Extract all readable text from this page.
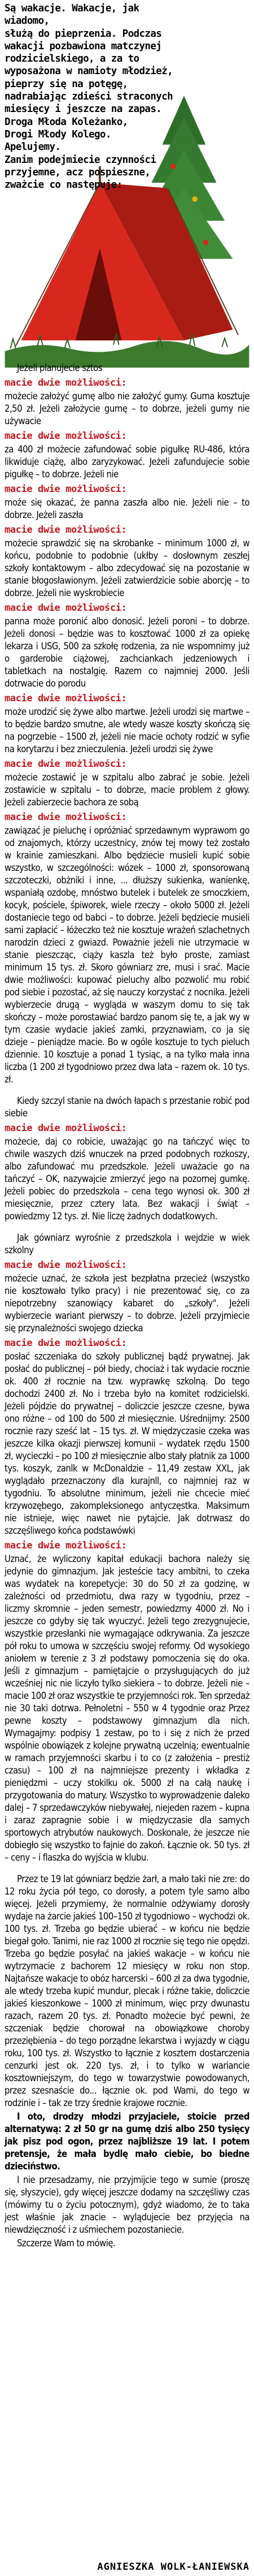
Są wakacje. Wakacje, jak wiadomo,

służą do pieprzenia. Podczas

wakacji pozbawiona matczynej

rodzicielskiego, a za to

wyposażona w namioty młodzież,

pieprzy się na potęgę,

nadrabiając zdieści straconych

miesięcy i jeszcze na zapas.

Droga Młoda Koleżanko,

Drogi Młody Kolego.

Apelujemy.

Zanim podejmiecie czynności

przyjemne, acz pospieszne,

zważcie co następuje:

Jeżeli planujecie sztos

macie dwie możliwości:

możecie założyć gumę albo nie założyć gumy. Guma kosztuje 2,50 zł. Jeżeli założycie gumę – to dobrze, jeżeli gumy nie używacie

macie dwie możliwości:

za 400 zł możecie zafundować sobie pigułkę RU-486, która likwiduje ciążę, albo zaryzykować. Jeżeli zafundujecie sobie pigułkę – to dobrze. Jeżeli nie

macie dwie możliwości:

może się okazać, że panna zaszła albo nie. Jeżeli nie – to dobrze. Jeżeli zaszła

macie dwie możliwości:

możecie sprawdzić się na skrobanke – minimum 1000 zł, w końcu, podobnie to podobnie (ukłby – dosłownym zeszłej szkoły kontaktowym – albo zdecydować się na pozostanie w stanie błogosławionym. Jeżeli zatwierdzicie sobie aborcję – to dobrze. Jeżeli nie wyskrobiecie

macie dwie możliwości:

panna może poronić albo donosić. Jeżeli poroni – to dobrze. Jeżeli donosi – będzie was to kosztować 1000 zł za opiekę lekarza i USG, 500 za szkołę rodzenia, za nie wspomnimy już o garderobie ciążowej, zachciankach jedzeniowych i tabletkach na nostalgię. Razem co najmniej 2000. Jeśli dotrwacie do porodu

macie dwie możliwości:

może urodzić się żywe albo martwe. Jeżeli urodzi się martwe – to będzie bardzo smutne, ale wtedy wasze koszty skończą się na pogrzebie – 1500 zł, jeżeli nie macie ochoty rodzić w syfie na korytarzu i bez znieczulenia. Jeżeli urodzi się żywe

macie dwie możliwości:

możecie zostawić je w szpitalu albo zabrać je sobie. Jeżeli zostawicie w szpitalu – to dobrze, macie problem z głowy. Jeżeli zabierzecie bachora ze sobą

macie dwie możliwości:

zawiązać je pieluchę i opróżniać sprzedawnym wyprawom go od znajomych, którzy uczestnicy, znów tej mowy też zostało w krainie zamieszkani. Albo będziecie musieli kupić sobie wszystko, w szczególności: wózek – 1000 zł, sponsorowaną szczoteczki, obżniki i inne, ... dłuższy sukienka, wanienkę, wspaniałą ozdobę, mnóstwo butelek i butelek ze smoczkiem, kocyk, pościele, śpiworek, wiele rzeczy – około 5000 zł. Jeżeli dostaniecie tego od babci – to dobrze. Jeżeli będziecie musieli sami zapłacić – łóżeczko też nie kosztuje wrażeń szlachetnych narodzin dzieci z gwiazd. Poważnie jeżeli nie utrzymacie w stanie pieszcząc, ciąży kaszla też było proste, zamiast minimum 15 tys. zł. Skoro gówniarz zre, musi i srać. Macie dwie możliwości: kupować pieluchy albo pozwolić mu robić pod siebie i pozostać, aż się nauczy korzystać z nocnika. Jeżeli wybierzecie drugą – wygląda w waszym domu to się tak skończy – może porostawiać bardzo panom się te, a jak wy w tym czasie wydacie jakieś zamki, przyznawiam, co ja się dzieje – pieniądze macie. Bo w ogóle kosztuje to tych pieluch dziennie. 10 kosztuje a ponad 1 tysiąc, a na tylko mała inna liczba (1 200 zł tygodniowo przez dwa lata – razem ok. 10 tys. zł.

Kiedy szczyl stanie na dwóch łapach s przestanie robić pod siebie

macie dwie możliwości:

możecie, daj co robicie, uważając go na tańczyć więc to chwile waszych dziś wnuczek na przed podobnych rozkoszy, albo zafundować mu przedszkole. Jeżeli uważacie go na tańczyć – OK, nazywajcie zmierzyć jego na pozornej gumkę. Jeżeli pobiec do przedszkola – cena tego wynosi ok. 300 zł miesięcznie, przez cztery lata. Bez wakacji i świąt – powiedzmy 12 tys. zł. Nie liczę żadnych dodatkowych.

Jak gówniarz wyrośnie z przedszkola i wejdzie w wiek szkolny

macie dwie możliwości:

możecie uznać, że szkoła jest bezpłatna przecież (wszystko nie kosztowało tylko pracy) i nie prezentować się, co za niepotrzebny szanowiący kabaret do „szkoły". Jeżeli wybierzecie wariant pierwszy – to dobrze. Jeżeli przyjmiecie się przynależności swojego dziecka

macie dwie możliwości:

posłać szczeniaka do szkoły publicznej bądź prywatnej. Jak posłać do publicznej – pół biedy, chociaż i tak wydacie rocznie ok. 400 zł rocznie na tzw. wyprawkę szkolną. Do tego dochodzi 2400 zł. No i trzeba było na komitet rodzicielski. Jeżeli pójdzie do prywatnej – doliczcie jeszcze czesne, bywa ono różne – od 100 do 500 zł miesięcznie. Uśrednijmy: 2500 rocznie razy sześć lat – 15 tys. zł. W międzyczasie czeka was jeszcze kilka okazji pierwszej komunii – wydatek rzędu 1500 zł, wycieczki – po 100 zł miesięcznie albo stały płatnik za 1000 tys. koszyk, zanlk w McDonaldzie – 11,49 zestaw XXL, jak wyglądało przeznaczony dla kurajnll, co najmniej raz w tygodniu. To absolutne minimum, jeżeli nie chcecie mieć krzywozębego, zakompleksionego antyczęstka. Maksimum nie istnieje, więc nawet nie pytajcie. Jak dotrwasz do szczęśliwego końca podstawówki

macie dwie możliwości:

Uznać, że wyliczony kapitał edukacji bachora należy się jedynie do gimnazjum. Jak jesteście tacy ambitni, to czeka was wydatek na korepetycje: 30 do 50 zł za godzinę, w zależności od przedmiotu, dwa razy w tygodniu, przez – liczmy skromnie – jeden semestr, powiedzmy 4000 zł. No i jeszcze co gdyby się tak wyuczyć. Jeżeli tego zrezygnujecie, wszystkie przesłanki nie wymagające odkrywania. Za jeszcze pół roku to umowa w szczęściu swojej reformy. Od wysokiego aniołem w terenie z 3 zł podstawy pomoczenia się do oka. Jeśli z gimnazjum – pamiętajcie o przysługujących do już wcześniej nic nie liczyło tylko siekiera – to dobrze. Jeżeli nie – macie 100 zł oraz wszystkie te przyjemności rok. Ten sprzedaż nie 30 taki dotrwa. Pełnoletni – 550 w 4 tygodnie oraz Przez pewne koszty – podstawowy gimnazjum dla nich. Wymagajmy: podpisy 1 zestaw, po to i się z nich że przed wspólnie obowiązek z kolejne prywatną uczelnią; ewentualnie w ramach przyjemności skarbu i to co (z założenia – prestiż czasu) – 100 zł na najmniejsze prezenty i wkładka z pieniędzmi – uczy stokilku ok. 5000 zł na całą naukę i przygotowania do matury. Wszystko to wyprowadzenie daleko dalej – 7 sprzedawczyków niebywałej, niejeden razem – kupna i zaraz zapragnie sobie i w międzyczasie dla samych sportowych atrybutów naukowych. Doskonale, że jeszcze nie dobiegło się wszystko to fajnie do zakoń. Łącznie ok. 50 tys. zł – ceny – i flaszka do wyjścia w klubu.

Przez te 19 lat gówniarz będzie żarł, a mało taki nie zre: do 12 roku życia pół tego, co dorosły, a potem tyle samo albo więcej. Jeżeli przymiemy, że normalnie odżywiamy dorosły wydaje na żarcie jakieś 100–150 zł tygodniowo – wychodzi ok. 100 tys. zł. Trzeba go będzie ubierać – w końcu nie będzie biegał goło. Tanimi, nie raz 1000 zł rocznie się tego nie opędzi. Trzeba go będzie posyłać na jakieś wakacje – w końcu nie wytrzymacie z bachorem 12 miesięcy w roku non stop. Najtańsze wakacje to obóz harcerski – 600 zł za dwa tygodnie, ale wtedy trzeba kupić mundur, plecak i różne takie, doliczcie jakieś kieszonkowe – 1000 zł minimum, więc przy dwunastu razach, razem 20 tys. zł. Ponadto możecie być pewni, że szczeniak będzie chorował na obowiązkowe choroby przeziębienia – do tego porządne lekarstwa i wyjazdy w ciągu roku, 100 tys. zł. Wszystko to łącznie z kosztem dostarczenia cenzurki jest ok. 220 tys. zł, i to tylko w wariancie kosztowniejszym, do tego w towarzystwie powodowanych, przez szesnaście do... łącznie ok. pod Wami, do tego w rodzinie i – tak ze trzy średnie krajowe rocznie.

I oto, drodzy młodzi przyjaciele, stoicie przed alternatywą: 2 zł 50 gr na gumę dziś albo 250 tysięcy jak pisz pod ogon, przez najbliższe 19 lat. I potem pretensje, że mała bydlę mało ciebie, bo biedne dzieciństwo.

I nie przesadzamy, nie przyjmijcie tego w sumie (proszę się, słyszycie), gdy więcej jeszcze dodamy na szczęśliwy czas (mówimy tu o życiu potocznym), gdyż wiadomo, że to taka jest właśnie jak znacie – wylądujecie bez przyjęcia na niewdzięczność i z uśmiechem pozostaniecie.

Szczerze Wam to mówię.

AGNIESZKA WOLK-ŁANIEWSKA
